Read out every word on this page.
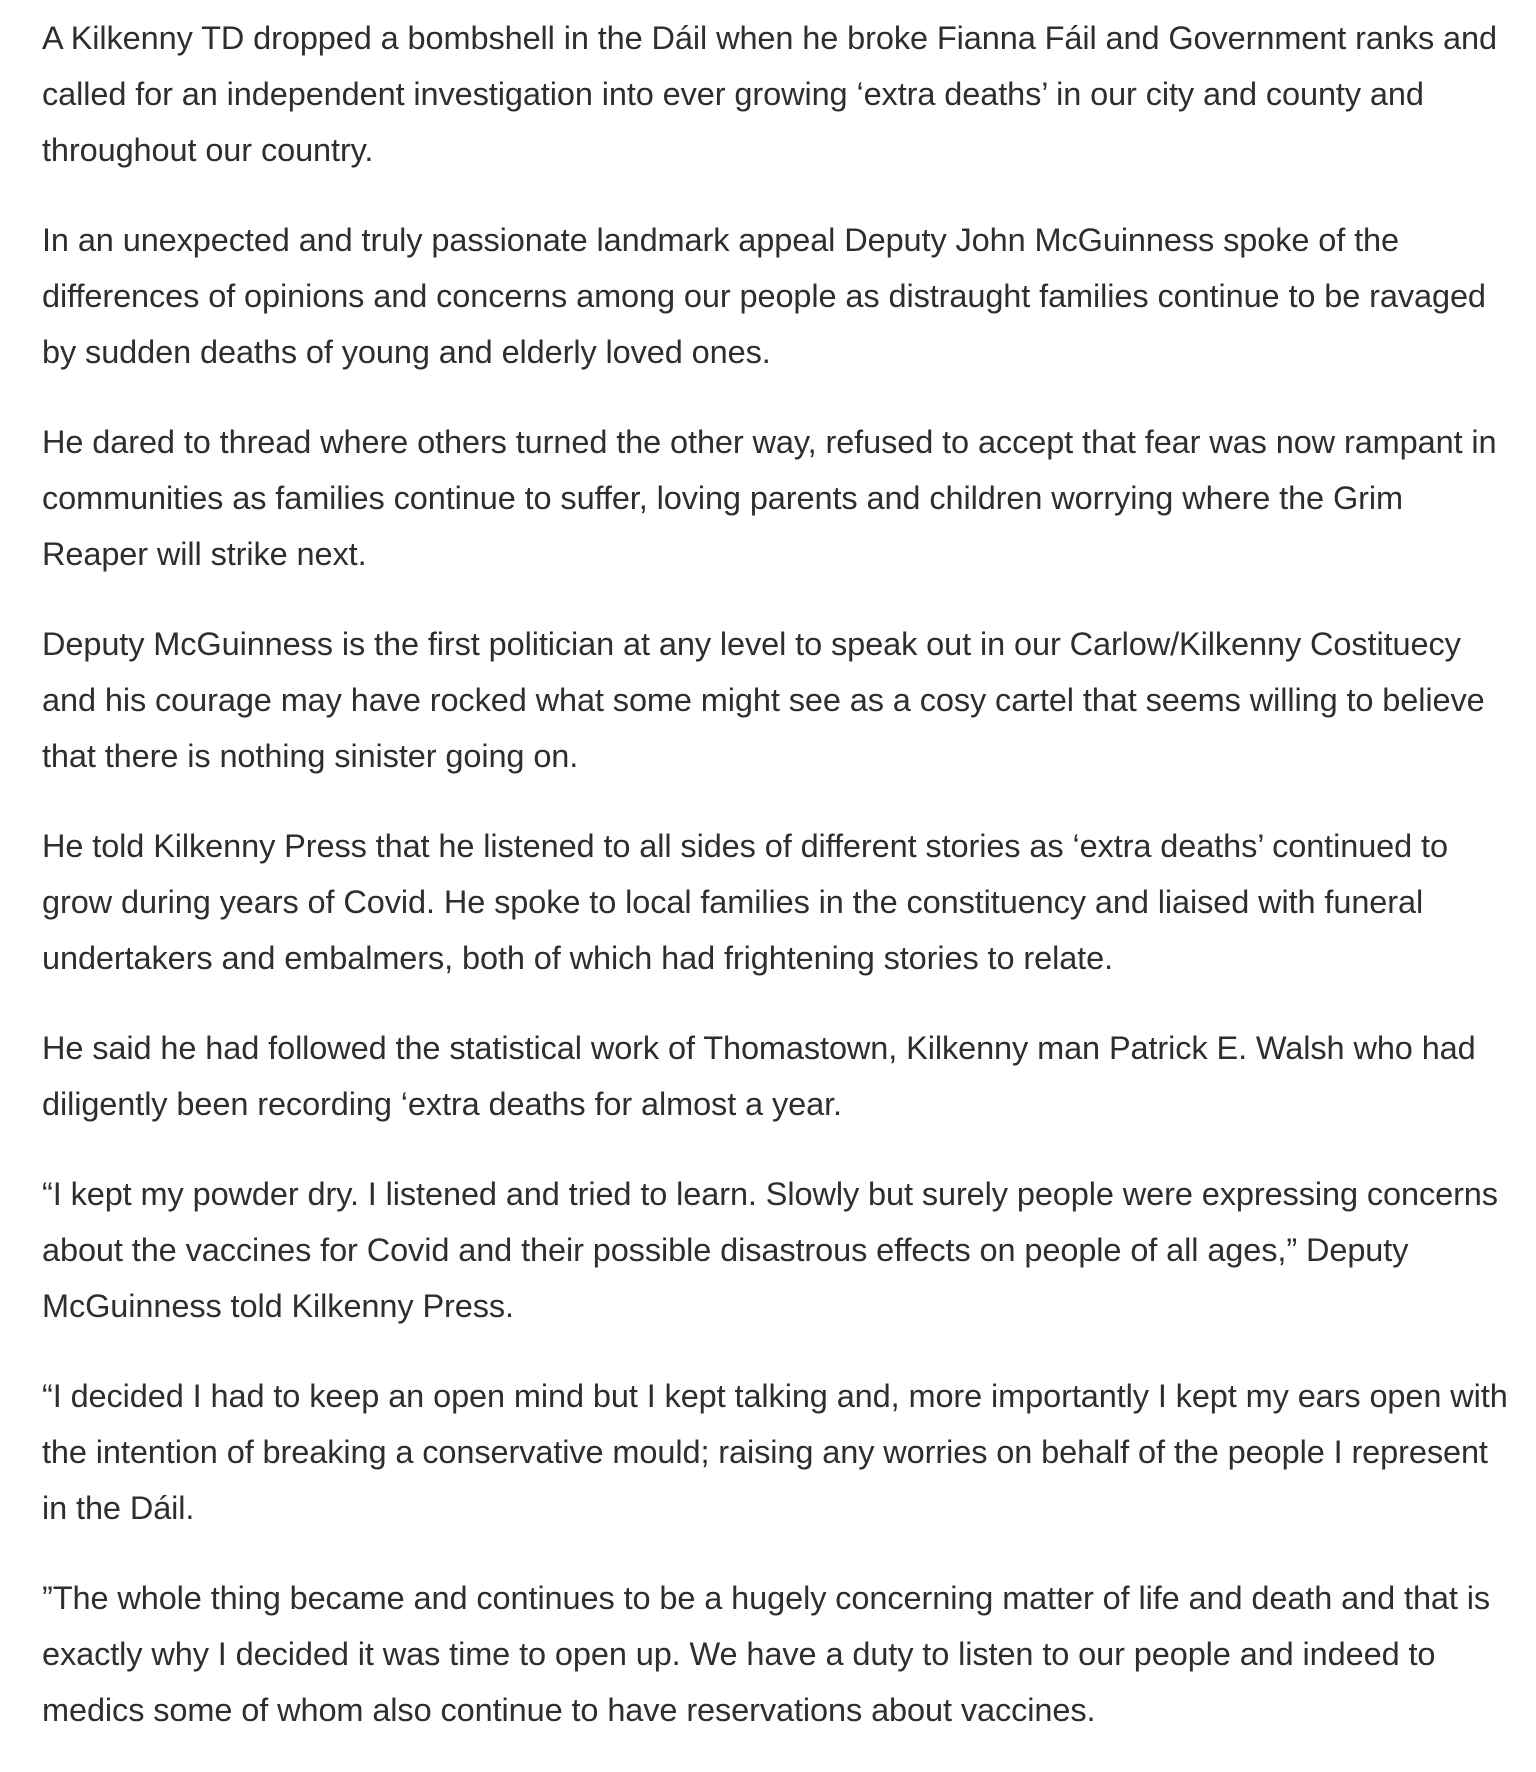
A Kilkenny TD dropped a bombshell in the Dáil when he broke Fianna Fáil and Government ranks and called for an independent investigation into ever growing ‘extra deaths’ in our city and county and throughout our country.

In an unexpected and truly passionate landmark appeal Deputy John McGuinness spoke of the differences of opinions and concerns among our people as distraught families continue to be ravaged by sudden deaths of young and elderly loved ones.

He dared to thread where others turned the other way, refused to accept that fear was now rampant in communities as families continue to suffer, loving parents and children worrying where the Grim Reaper will strike next.

Deputy McGuinness is the first politician at any level to speak out in our Carlow/Kilkenny Costituecy and his courage may have rocked what some might see as a cosy cartel that seems willing to believe that there is nothing sinister going on.

He told Kilkenny Press that he listened to all sides of different stories as ‘extra deaths’ continued to grow during years of Covid. He spoke to local families in the constituency and liaised with funeral undertakers and embalmers, both of which had frightening stories to relate.

He said he had followed the statistical work of Thomastown, Kilkenny man Patrick E. Walsh who had diligently been recording ‘extra deaths for almost a year.

“I kept my powder dry. I listened and tried to learn. Slowly but surely people were expressing concerns about the vaccines for Covid and their possible disastrous effects on people of all ages,” Deputy McGuinness told Kilkenny Press.

“I decided I had to keep an open mind but I kept talking and, more importantly I kept my ears open with the intention of breaking a conservative mould; raising any worries on behalf of the people I represent in the Dáil.

”The whole thing became and continues to be a hugely concerning matter of life and death and that is exactly why I decided it was time to open up. We have a duty to listen to our people and indeed to medics some of whom also continue to have reservations about vaccines.
